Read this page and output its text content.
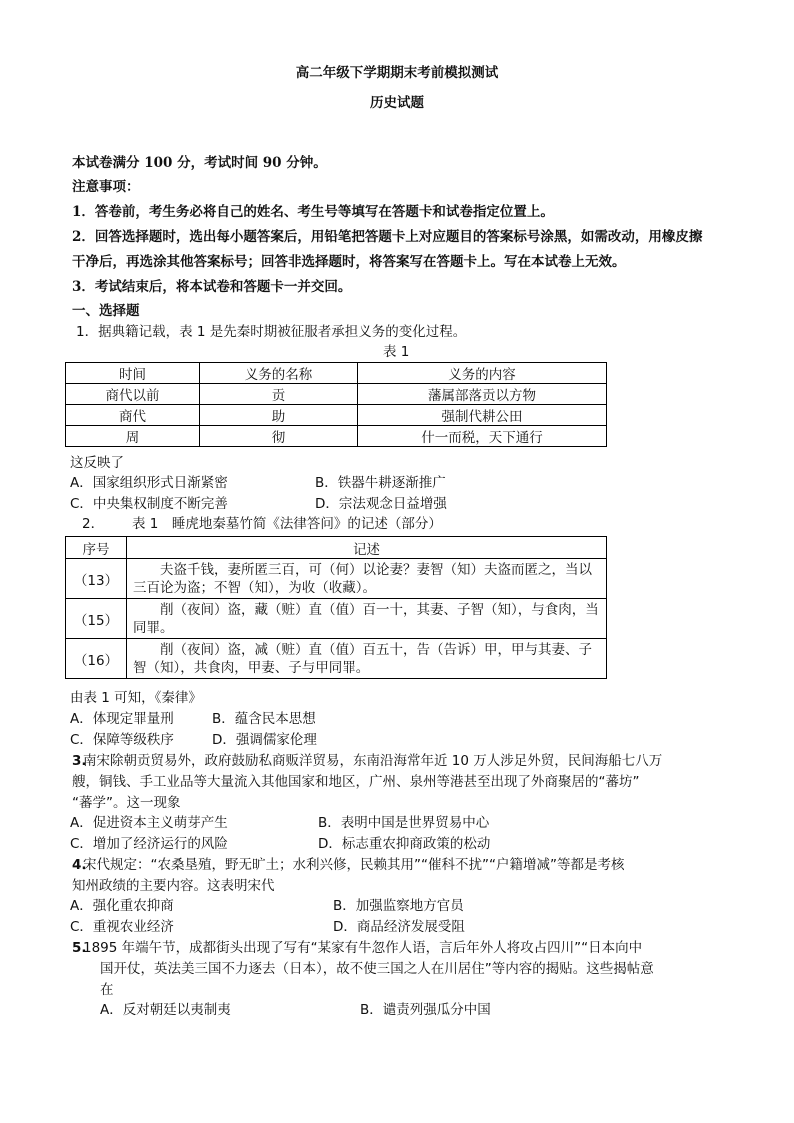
高二年级下学期期末考前模拟测试
历史试题
本试卷满分 100 分，考试时间 90 分钟。
注意事项：
1．答卷前，考生务必将自己的姓名、考生号等填写在答题卡和试卷指定位置上。
2．回答选择题时，选出每小题答案后，用铅笔把答题卡上对应题目的答案标号涂黑，如需改动，用橡皮擦
干净后，再选涂其他答案标号；回答非选择题时，将答案写在答题卡上。写在本试卷上无效。
3．考试结束后，将本试卷和答题卡一并交回。
一、选择题
1．据典籍记载，表 1 是先秦时期被征服者承担义务的变化过程。
表 1
时间	义务的名称	义务的内容
商代以前	贡	藩属部落贡以方物
商代	助	强制代耕公田
周	彻	什一而税，天下通行
这反映了
A．国家组织形式日渐紧密	B．铁器牛耕逐渐推广
C．中央集权制度不断完善	D．宗法观念日益增强
2． 表 1　睡虎地秦墓竹简《法律答问》的记述（部分）
序号	记述
（13）	夫盗千钱，妻所匿三百，可（何）以论妻？妻智（知）夫盗而匿之，当以三百论为盗；不智（知），为收（收藏）。
（15）	削（夜间）盗，藏（赃）直（值）百一十，其妻、子智（知），与食肉，当同罪。
（16）	削（夜间）盗，减（赃）直（值）百五十，告（告诉）甲，甲与其妻、子智（知），共食肉，甲妻、子与甲同罪。
由表 1 可知，《秦律》
A．体现定罪量刑	B．蕴含民本思想
C．保障等级秩序	D．强调儒家伦理
3.
南宋除朝贡贸易外，政府鼓励私商贩洋贸易，东南沿海常年近 10 万人涉足外贸，民间海船七八万
艘，铜钱、手工业品等大量流入其他国家和地区，广州、泉州等港甚至出现了外商聚居的“蕃坊”
“蕃学”。这一现象
A．促进资本主义萌芽产生	B．表明中国是世界贸易中心
C．增加了经济运行的风险	D．标志重农抑商政策的松动
4.
宋代规定：“农桑垦殖，野无旷土；水利兴修，民赖其用”“催科不扰”“户籍增减”等都是考核
知州政绩的主要内容。这表明宋代
A．强化重农抑商	B．加强监察地方官员
C．重视农业经济	D．商品经济发展受阻
5.
1895 年端午节，成都街头出现了写有“某家有牛忽作人语，言后年外人将攻占四川”“日本向中
国开仗，英法美三国不力逐去（日本），故不使三国之人在川居住”等内容的揭贴。这些揭帖意
在
A．反对朝廷以夷制夷	B．谴责列强瓜分中国
